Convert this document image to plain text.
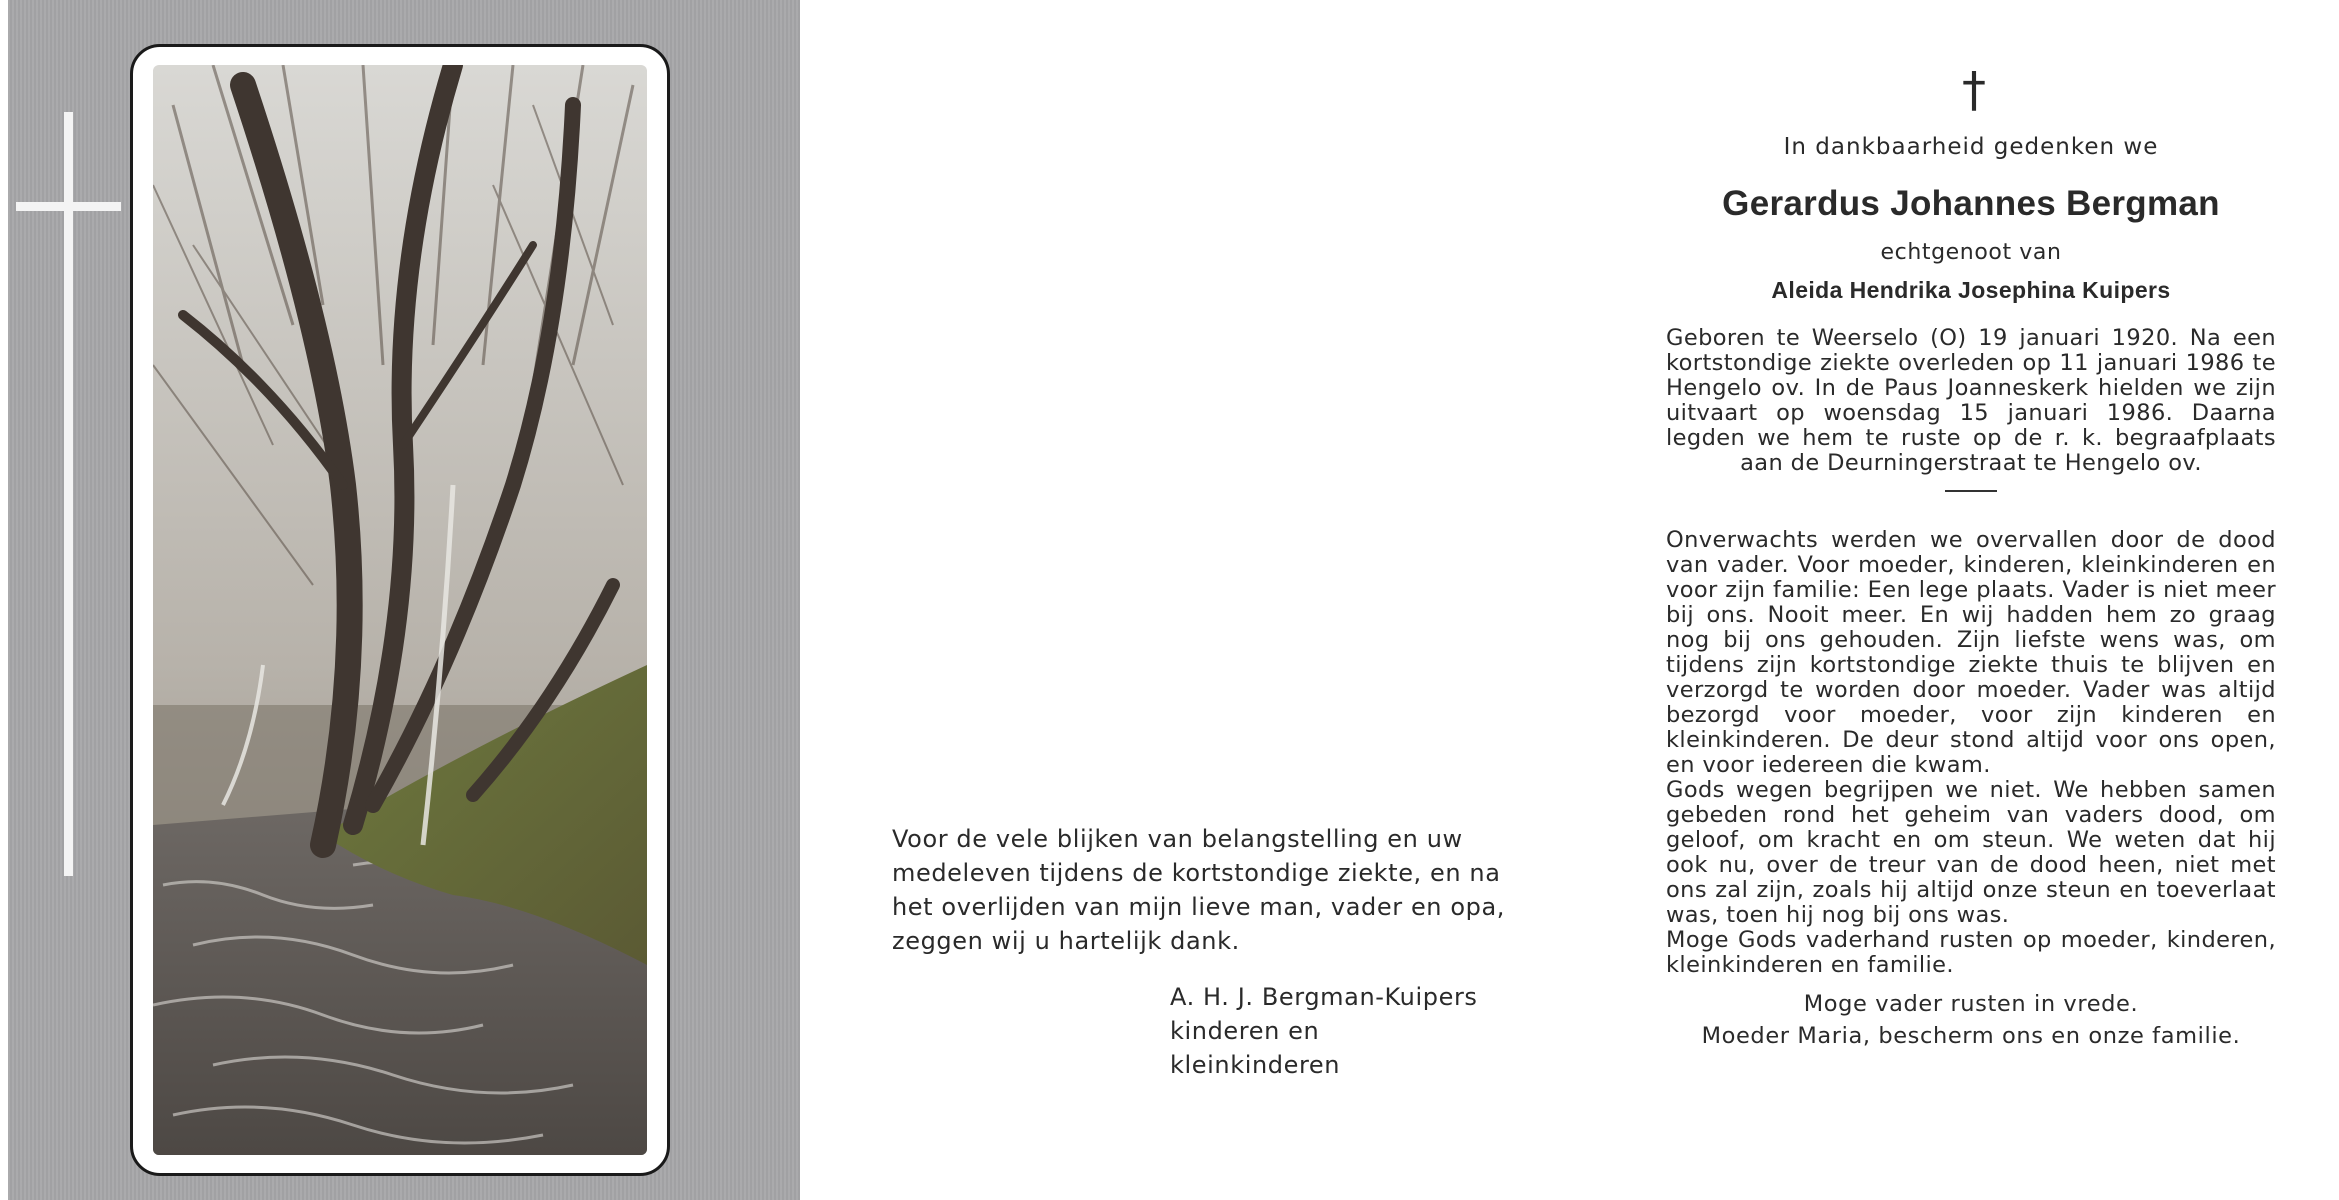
Voor de vele blijken van belangstelling en uw medeleven tijdens de kortstondige ziekte, en na het overlijden van mijn lieve man, vader en opa, zeggen wij u hartelijk dank.

A. H. J. Bergman-Kuipers
kinderen en
kleinkinderen
†
In dankbaarheid gedenken we
Gerardus Johannes Bergman
echtgenoot van
Aleida Hendrika Josephina Kuipers
Geboren te Weerselo (O) 19 januari 1920. Na een kortstondige ziekte overleden op 11 januari 1986 te Hengelo ov. In de Paus Joanneskerk hielden we zijn uitvaart op woensdag 15 januari 1986. Daarna legden we hem te ruste op de r. k. begraafplaats aan de Deurningerstraat te Hengelo ov.
Onverwachts werden we overvallen door de dood van vader. Voor moeder, kinderen, kleinkinderen en voor zijn familie: Een lege plaats. Vader is niet meer bij ons. Nooit meer. En wij hadden hem zo graag nog bij ons gehouden. Zijn liefste wens was, om tijdens zijn kortstondige ziekte thuis te blijven en verzorgd te worden door moeder. Vader was altijd bezorgd voor moeder, voor zijn kinderen en kleinkinderen. De deur stond altijd voor ons open, en voor iedereen die kwam.
Gods wegen begrijpen we niet. We hebben samen gebeden rond het geheim van vaders dood, om geloof, om kracht en om steun. We weten dat hij ook nu, over de treur van de dood heen, niet met ons zal zijn, zoals hij altijd onze steun en toeverlaat was, toen hij nog bij ons was.
Moge Gods vaderhand rusten op moeder, kinderen, kleinkinderen en familie.
Moge vader rusten in vrede.
Moeder Maria, bescherm ons en onze familie.
